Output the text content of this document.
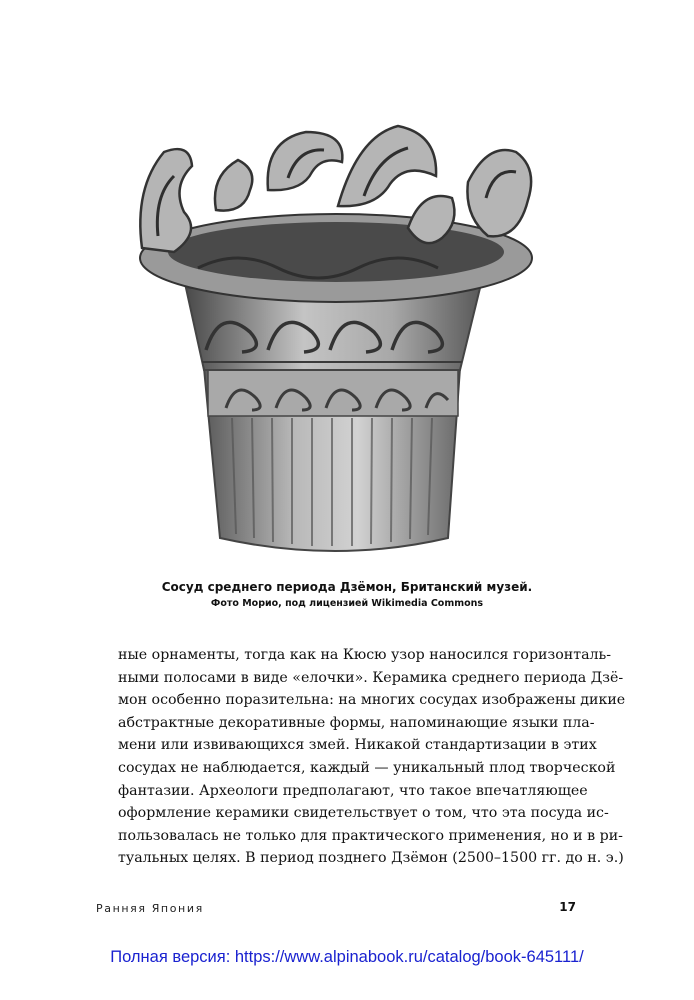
Сосуд среднего периода Дзёмон, Британский музей.
Фото Морио, под лицензией Wikimedia Commons
ные орнаменты, тогда как на Кюсю узор наносился горизонталь-
ными полосами в виде «елочки». Керамика среднего периода Дзё-
мон особенно поразительна: на многих сосудах изображены дикие
абстрактные декоративные формы, напоминающие языки пла-
мени или извивающихся змей. Никакой стандартизации в этих
сосудах не наблюдается, каждый — уникальный плод творческой
фантазии. Археологи предполагают, что такое впечатляющее
оформление керамики свидетельствует о том, что эта посуда ис-
пользовалась не только для практического применения, но и в ри-
туальных целях. В период позднего Дзёмон (2500–1500 гг. до н. э.)
Ранняя Япония	17
Полная версия: https://www.alpinabook.ru/catalog/book-645111/
